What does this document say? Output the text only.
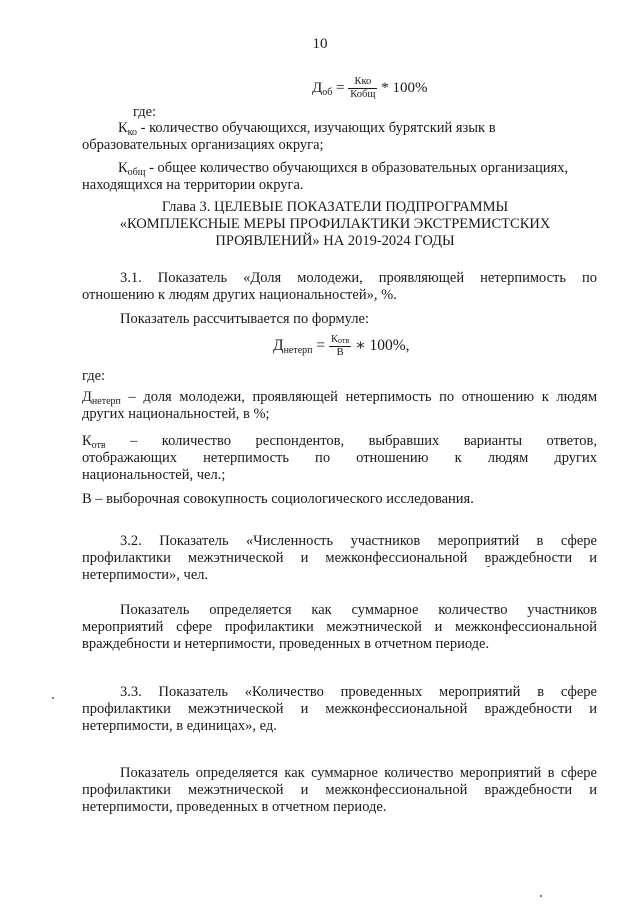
10
$Д_{об} = \frac{\text{Кко}}{\text{Кобщ}} * 100\%$
где:
$К_{ко}$ - количество обучающихся, изучающих бурятский язык в
образовательных организациях округа;
$К_{общ}$ - общее количество обучающихся в образовательных организациях,
находящихся на территории округа.
Глава 3. ЦЕЛЕВЫЕ ПОКАЗАТЕЛИ ПОДПРОГРАММЫ
«КОМПЛЕКСНЫЕ МЕРЫ ПРОФИЛАКТИКИ ЭКСТРЕМИСТСКИХ
ПРОЯВЛЕНИЙ» НА 2019-2024 ГОДЫ
3.1. Показатель «Доля молодежи, проявляющей нетерпимость по
отношению к людям других национальностей», %.
Показатель рассчитывается по формуле:
$Д_{нетерп} = \frac{К_{отв}}{В}$ ∗ 100%,
где:
$Д_{нетерп}$ – доля молодежи, проявляющей нетерпимость по отношению к людям
других национальностей, в %;
$К_{отв}$ – количество респондентов, выбравших варианты ответов,
отображающих нетерпимость по отношению к людям других
национальностей, чел.;
В – выборочная совокупность социологического исследования.
3.2. Показатель «Численность участников мероприятий в сфере
профилактики межэтнической и межконфессиональной враждебности и
нетерпимости», чел.
Показатель определяется как суммарное количество участников
мероприятий сфере профилактики межэтнической и межконфессиональной
враждебности и нетерпимости, проведенных в отчетном периоде.
3.3. Показатель «Количество проведенных мероприятий в сфере
профилактики межэтнической и межконфессиональной враждебности и
нетерпимости, в единицах», ед.
Показатель определяется как суммарное количество мероприятий в сфере
профилактики межэтнической и межконфессиональной враждебности и
нетерпимости, проведенных в отчетном периоде.
